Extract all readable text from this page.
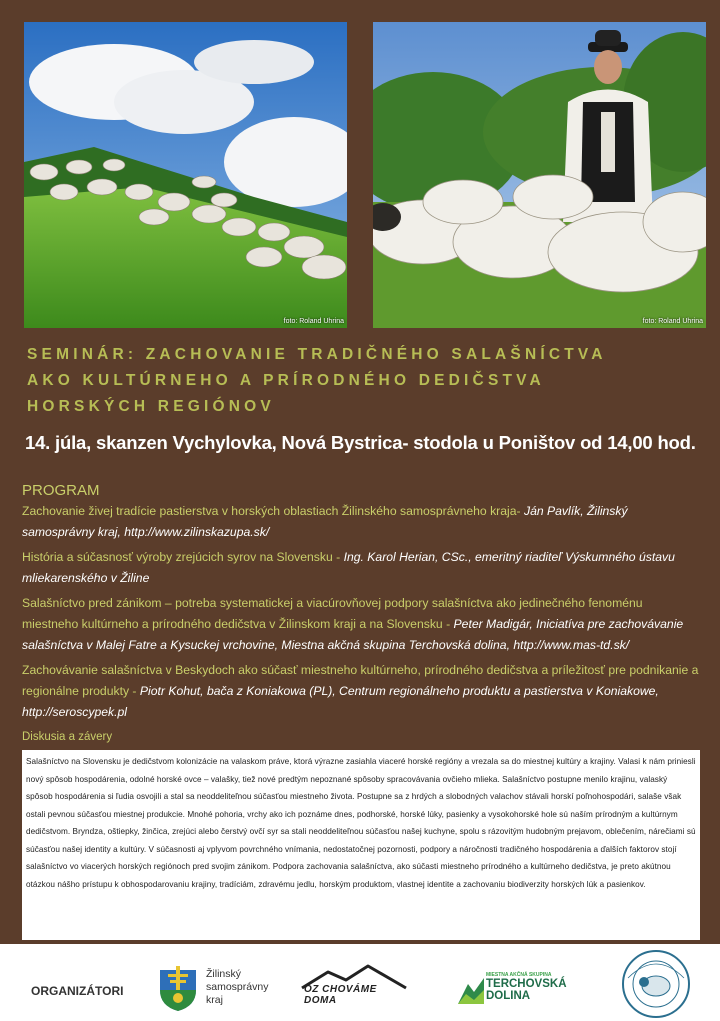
foto: Roland Uhrina	foto: Roland Uhrina
SEMINÁR: ZACHOVANIE TRADIČNÉHO SALAŠNÍCTVA
AKO KULTÚRNEHO A PRÍRODNÉHO DEDIČSTVA
HORSKÝCH REGIÓNOV
14. júla, skanzen Vychylovka, Nová Bystrica- stodola u Poništov od 14,00 hod.
PROGRAM
Zachovanie živej tradície pastierstva v horských oblastiach Žilinského samosprávneho kraja- Ján Pavlík, Žilinský samosprávny kraj, http://www.zilinskazupa.sk/
História a súčasnosť výroby zrejúcich syrov na Slovensku - Ing. Karol Herian, CSc., emeritný riaditeľ Výskumného ústavu mliekarenského v Žiline
Salašníctvo pred zánikom – potreba systematickej a viacúrovňovej podpory salašníctva ako jedinečného fenoménu miestneho kultúrneho a prírodného dedičstva v Žilinskom kraji a na Slovensku - Peter Madigár, Iniciatíva pre zachovávanie salašníctva v Malej Fatre a Kysuckej vrchovine, Miestna akčná skupina Terchovská dolina, http://www.mas-td.sk/
Zachovávanie salašníctva v Beskydoch ako súčasť miestneho kultúrneho, prírodného dedičstva a príležitosť pre podnikanie a regionálne produkty - Piotr Kohut, bača z Koniakowa (PL), Centrum regionálneho produktu a pastierstva v Koniakowe, http://seroscypek.pl
Diskusia a závery
Salašníctvo na Slovensku je dedičstvom kolonizácie na valaskom práve, ktorá výrazne zasiahla viaceré horské regióny a vrezala sa do miestnej kultúry a krajiny. Valasi k nám priniesli nový spôsob hospodárenia, odolné horské ovce – valašky, tiež nové predtým nepoznané spôsoby spracovávania ovčieho mlieka. Salašníctvo postupne menilo krajinu, valaský spôsob hospodárenia si ľudia osvojili a stal sa neoddeliteľnou súčasťou miestneho života. Postupne sa z hrdých a slobodných valachov stávali horskí poľnohospodári, salaše však ostali pevnou súčasťou miestnej produkcie. Mnohé pohoria, vrchy ako ich poznáme dnes, podhorské, horské lúky, pasienky a vysokohorské hole sú naším prírodným a kultúrnym dedičstvom. Bryndza, oštiepky, žinčica, zrejúci alebo čerstvý ovčí syr sa stali neoddeliteľnou súčasťou našej kuchyne, spolu s rázovitým hudobným prejavom, oblečením, nárečiami sú súčasťou našej identity a kultúry. V súčasnosti aj vplyvom povrchného vnímania, nedostatočnej pozornosti, podpory a náročnosti tradičného hospodárenia a ďalších faktorov stojí salašníctvo vo viacerých horských regiónoch pred svojim zánikom. Podpora zachovania salašníctva, ako súčasti miestneho prírodného a kultúrneho dedičstva, je preto akútnou otázkou nášho prístupu k obhospodarovaniu krajiny, tradíciám, zdravému jedlu, horským produktom, vlastnej identite a zachovaniu biodiverzity horských lúk a pasienkov.
ORGANIZÁTORI
Žilinský
samosprávny
kraj
OZ CHOVÁME DOMA
MIESTNA AKČNÁ SKUPINA
TERCHOVSKÁ
DOLINA
